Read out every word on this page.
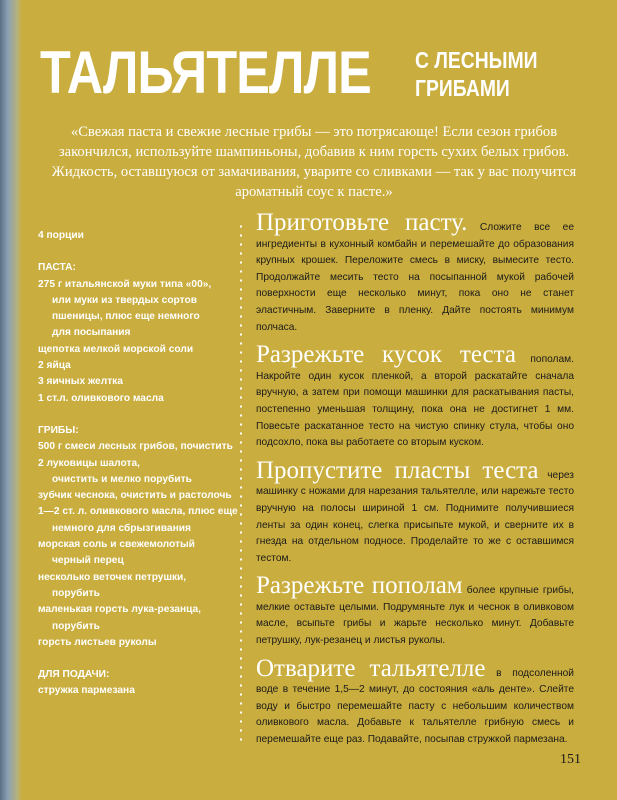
ТАЛЬЯТЕЛЛЕ С ЛЕСНЫМИ
ГРИБАМИ
«Свежая паста и свежие лесные грибы — это потрясающе! Если сезон грибов закончился, используйте шампиньоны, добавив к ним горсть сухих белых грибов. Жидкость, оставшуюся от замачивания, уварите со сливками — так у вас получится ароматный соус к пасте.»
4 порции
ПАСТА:
275 г итальянской муки типа «00»,
или муки из твердых сортов
пшеницы, плюс еще немного
для посыпания
щепотка мелкой морской соли
2 яйца
3 яичных желтка
1 ст.л. оливкового масла
ГРИБЫ:
500 г смеси лесных грибов, почистить
2 луковицы шалота,
очистить и мелко порубить
зубчик чеснока, очистить и растолочь
1—2 ст. л. оливкового масла, плюс еще
немного для сбрызгивания
морская соль и свежемолотый
черный перец
несколько веточек петрушки,
порубить
маленькая горсть лука-резанца,
порубить
горсть листьев руколы
ДЛЯ ПОДАЧИ:
стружка пармезана
Приготовьте пасту. Сложите все ее ингредиенты в кухонный комбайн и перемешайте до образования крупных крошек. Переложите смесь в миску, вымесите тесто. Продолжайте месить тесто на посыпанной мукой рабочей поверхности еще несколько минут, пока оно не станет эластичным. Заверните в пленку. Дайте постоять минимум полчаса.
Разрежьте кусок теста пополам. Накройте один кусок пленкой, а второй раскатайте сначала вручную, а затем при помощи машинки для раскатывания пасты, постепенно уменьшая толщину, пока она не достигнет 1 мм. Повесьте раскатанное тесто на чистую спинку стула, чтобы оно подсохло, пока вы работаете со вторым куском.
Пропустите пласты теста через машинку с ножами для нарезания тальятелле, или нарежьте тесто вручную на полосы шириной 1 см. Поднимите получившиеся ленты за один конец, слегка присыпьте мукой, и сверните их в гнезда на отдельном подносе. Проделайте то же с оставшимся тестом.
Разрежьте пополам более крупные грибы, мелкие оставьте целыми. Подрумяньте лук и чеснок в оливковом масле, всыпьте грибы и жарьте несколько минут. Добавьте петрушку, лук-резанец и листья руколы.
Отварите тальятелле в подсоленной воде в течение 1,5—2 минут, до состояния «аль денте». Слейте воду и быстро перемешайте пасту с небольшим количеством оливкового масла. Добавьте к тальятелле грибную смесь и перемешайте еще раз. Подавайте, посыпав стружкой пармезана.
151
